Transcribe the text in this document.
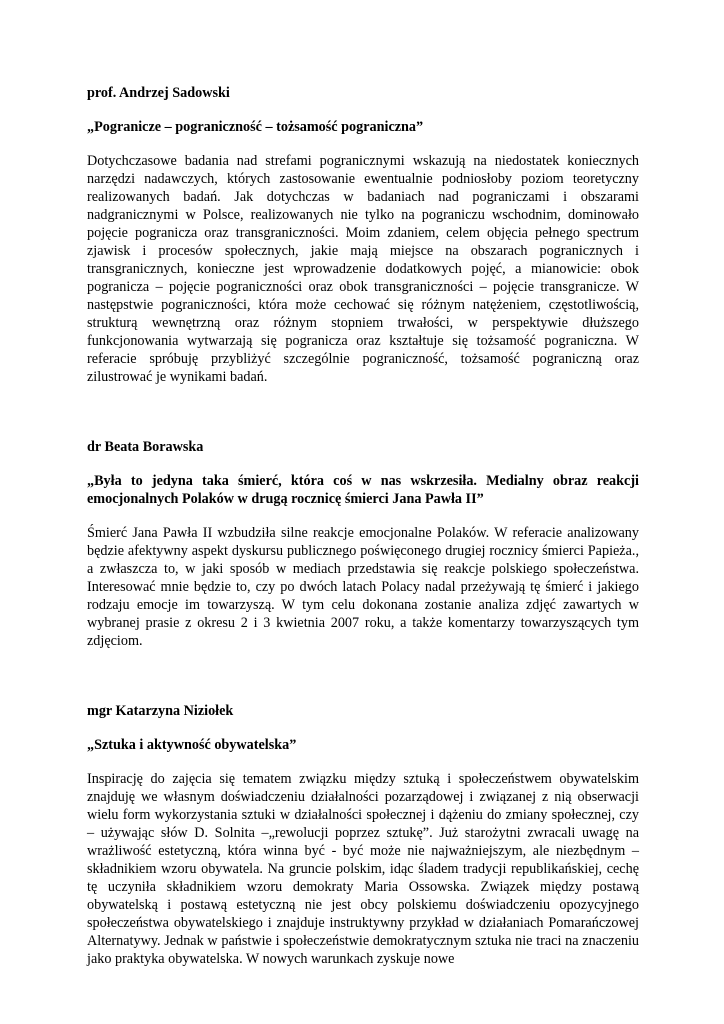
prof. Andrzej Sadowski

„Pogranicze – pograniczność – tożsamość pograniczna”

Dotychczasowe badania nad strefami pogranicznymi wskazują na niedostatek koniecznych narzędzi nadawczych, których zastosowanie ewentualnie podniosłoby poziom teoretyczny realizowanych badań. Jak dotychczas w badaniach nad pograniczami i obszarami nadgranicznymi w Polsce, realizowanych nie tylko na pograniczu wschodnim, dominowało pojęcie pogranicza oraz transgraniczności. Moim zdaniem, celem objęcia pełnego spectrum zjawisk i procesów społecznych, jakie mają miejsce na obszarach pogranicznych i transgranicznych, konieczne jest wprowadzenie dodatkowych pojęć, a mianowicie: obok pogranicza – pojęcie pograniczności oraz obok transgraniczności – pojęcie transgranicze. W następstwie pograniczności, która może cechować się różnym natężeniem, częstotliwością, strukturą wewnętrzną oraz różnym stopniem trwałości, w perspektywie dłuższego funkcjonowania wytwarzają się pogranicza oraz kształtuje się tożsamość pograniczna. W referacie spróbuję przybliżyć szczególnie pograniczność, tożsamość pograniczną oraz zilustrować je wynikami badań.

dr Beata Borawska

„Była to jedyna taka śmierć, która coś w nas wskrzesiła. Medialny obraz reakcji emocjonalnych Polaków w drugą rocznicę śmierci Jana Pawła II”

Śmierć Jana Pawła II wzbudziła silne reakcje emocjonalne Polaków. W referacie analizowany będzie afektywny aspekt dyskursu publicznego poświęconego drugiej rocznicy śmierci Papieża., a zwłaszcza to, w jaki sposób w mediach przedstawia się reakcje polskiego społeczeństwa. Interesować mnie będzie to, czy po dwóch latach Polacy nadal przeżywają tę śmierć i jakiego rodzaju emocje im towarzyszą. W tym celu dokonana zostanie analiza zdjęć zawartych w wybranej prasie z okresu 2 i 3 kwietnia 2007 roku, a także komentarzy towarzyszących tym zdjęciom.

mgr Katarzyna Niziołek

„Sztuka i aktywność obywatelska”

Inspirację do zajęcia się tematem związku między sztuką i społeczeństwem obywatelskim znajduję we własnym doświadczeniu działalności pozarządowej i związanej z nią obserwacji wielu form wykorzystania sztuki w działalności społecznej i dążeniu do zmiany społecznej, czy – używając słów D. Solnita –„rewolucji poprzez sztukę”. Już starożytni zwracali uwagę na wrażliwość estetyczną, która winna być - być może nie najważniejszym, ale niezbędnym – składnikiem wzoru obywatela. Na gruncie polskim, idąc śladem tradycji republikańskiej, cechę tę uczyniła składnikiem wzoru demokraty Maria Ossowska. Związek między postawą obywatelską i postawą estetyczną nie jest obcy polskiemu doświadczeniu opozycyjnego społeczeństwa obywatelskiego i znajduje instruktywny przykład w działaniach Pomarańczowej Alternatywy. Jednak w państwie i społeczeństwie demokratycznym sztuka nie traci na znaczeniu jako praktyka obywatelska. W nowych warunkach zyskuje nowe
